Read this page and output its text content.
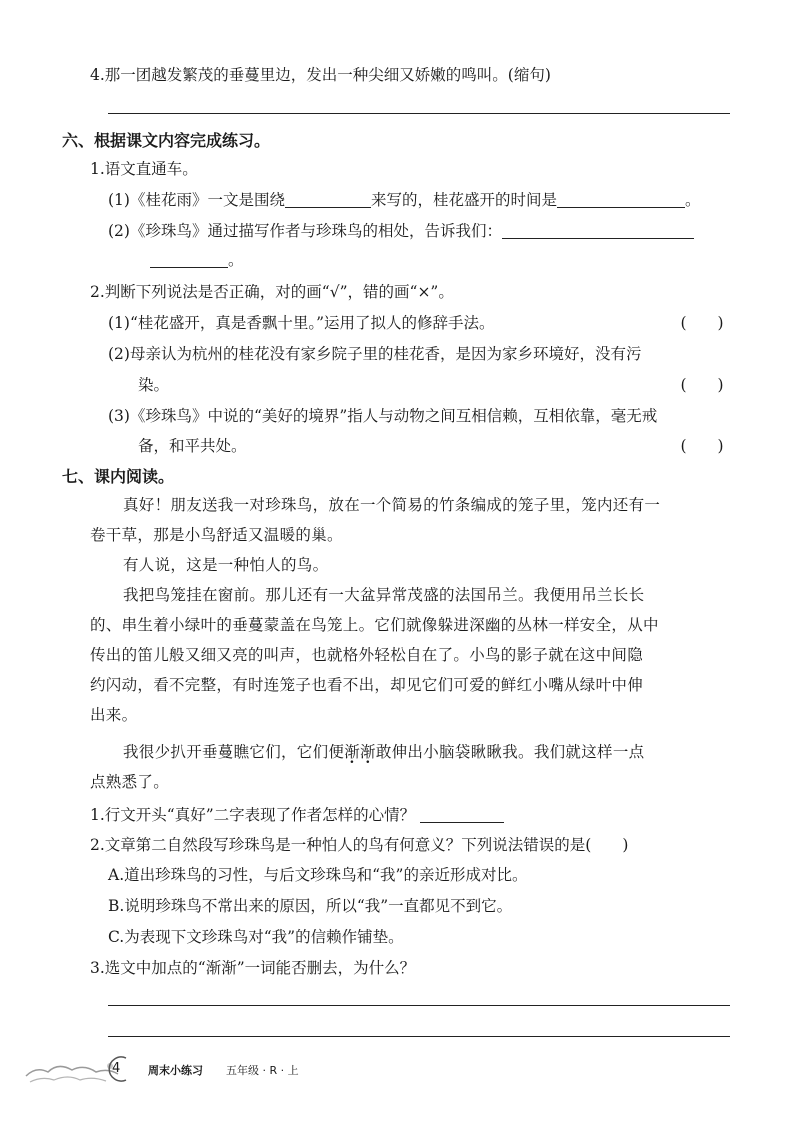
4.那一团越发繁茂的垂蔓里边，发出一种尖细又娇嫩的鸣叫。(缩句)
六、根据课文内容完成练习。
1.语文直通车。
(1)《桂花雨》一文是围绕	来写的，桂花盛开的时间是	。
(2)《珍珠鸟》通过描写作者与珍珠鸟的相处，告诉我们：
。
2.判断下列说法是否正确，对的画“√”，错的画“×”。
(1)“桂花盛开，真是香飘十里。”运用了拟人的修辞手法。	(　　)
(2)母亲认为杭州的桂花没有家乡院子里的桂花香，是因为家乡环境好，没有污
染。	(　　)
(3)《珍珠鸟》中说的“美好的境界”指人与动物之间互相信赖，互相依靠，毫无戒
备，和平共处。	(　　)
七、课内阅读。
真好！朋友送我一对珍珠鸟，放在一个简易的竹条编成的笼子里，笼内还有一
卷干草，那是小鸟舒适又温暖的巢。
有人说，这是一种怕人的鸟。
我把鸟笼挂在窗前。那儿还有一大盆异常茂盛的法国吊兰。我便用吊兰长长
的、串生着小绿叶的垂蔓蒙盖在鸟笼上。它们就像躲进深幽的丛林一样安全，从中
传出的笛儿般又细又亮的叫声，也就格外轻松自在了。小鸟的影子就在这中间隐
约闪动，看不完整，有时连笼子也看不出，却见它们可爱的鲜红小嘴从绿叶中伸
出来。
我很少扒开垂蔓瞧它们，它们便渐渐敢伸出小脑袋瞅瞅我。我们就这样一点
点熟悉了。
1.行文开头“真好”二字表现了作者怎样的心情？
2.文章第二自然段写珍珠鸟是一种怕人的鸟有何意义？下列说法错误的是(　　)
A.道出珍珠鸟的习性，与后文珍珠鸟和“我”的亲近形成对比。
B.说明珍珠鸟不常出来的原因，所以“我”一直都见不到它。
C.为表现下文珍珠鸟对“我”的信赖作铺垫。
3.选文中加点的“渐渐”一词能否删去，为什么？
4	周末小练习 五年级 · R · 上
